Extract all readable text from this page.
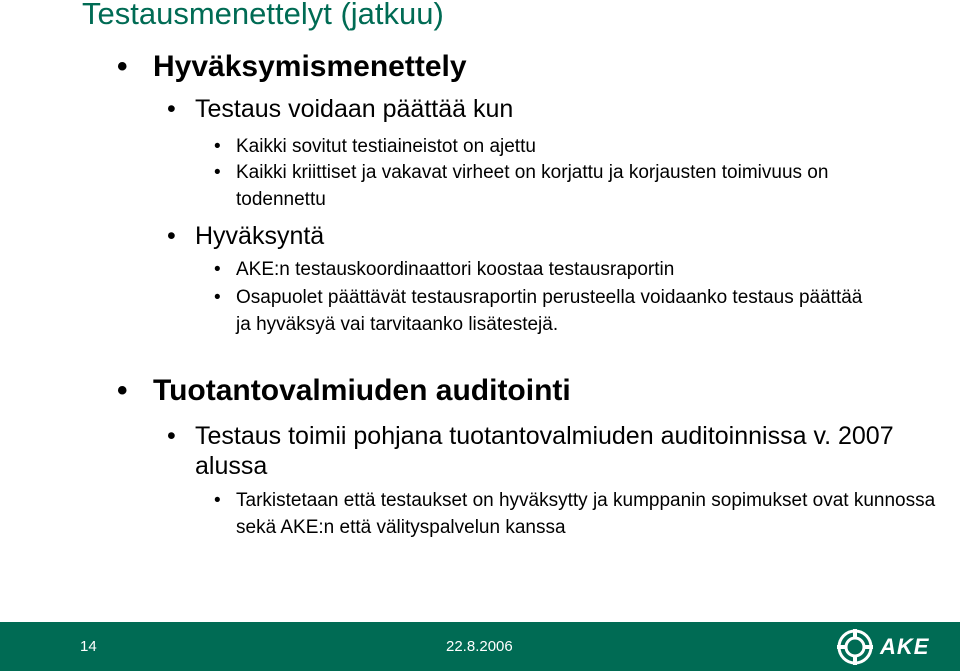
Testausmenettelyt (jatkuu)
• Hyväksymismenettely
• Testaus voidaan päättää kun
• Kaikki sovitut testiaineistot on ajettu
• Kaikki kriittiset ja vakavat virheet on korjattu ja korjausten toimivuus on todennettu
• Hyväksyntä
• AKE:n testauskoordinaattori koostaa testausraportin
• Osapuolet päättävät testausraportin perusteella voidaanko testaus päättää ja hyväksyä vai tarvitaanko lisätestejä.
• Tuotantovalmiuden auditointi
• Testaus toimii pohjana tuotantovalmiuden auditoinnissa v. 2007 alussa
• Tarkistetaan että testaukset on hyväksytty ja kumppanin sopimukset ovat kunnossa sekä AKE:n että välityspalvelun kanssa
14	22.8.2006	AKE
